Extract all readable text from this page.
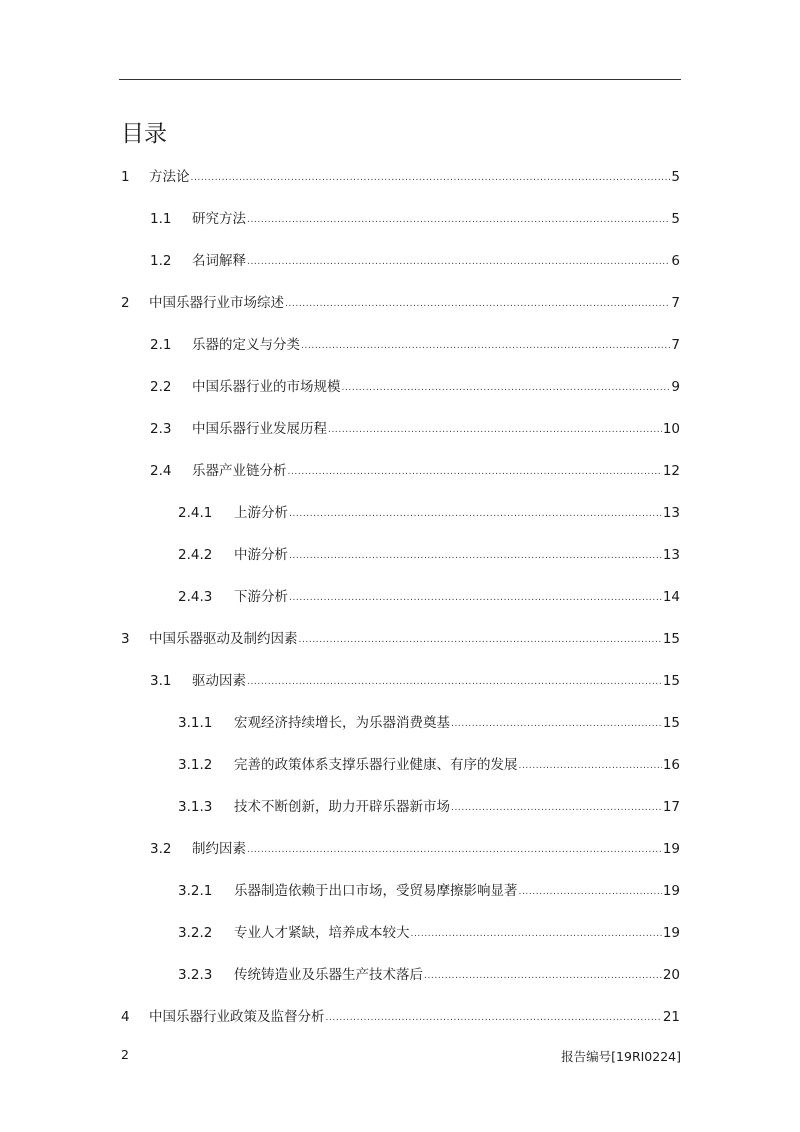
目录
1	方法论 .....	5
1.1	研究方法 .....	5
1.2	名词解释 .....	6
2	中国乐器行业市场综述 .....	7
2.1	乐器的定义与分类 .....	7
2.2	中国乐器行业的市场规模 .....	9
2.3	中国乐器行业发展历程 .....	10
2.4	乐器产业链分析 .....	12
2.4.1	上游分析 .....	13
2.4.2	中游分析 .....	13
2.4.3	下游分析 .....	14
3	中国乐器驱动及制约因素 .....	15
3.1	驱动因素 .....	15
3.1.1	宏观经济持续增长，为乐器消费奠基 .....	15
3.1.2	完善的政策体系支撑乐器行业健康、有序的发展 .....	16
3.1.3	技术不断创新，助力开辟乐器新市场 .....	17
3.2	制约因素 .....	19
3.2.1	乐器制造依赖于出口市场，受贸易摩擦影响显著 .....	19
3.2.2	专业人才紧缺，培养成本较大 .....	19
3.2.3	传统铸造业及乐器生产技术落后 .....	20
4	中国乐器行业政策及监督分析 .....	21
2	报告编号[19RI0224]
